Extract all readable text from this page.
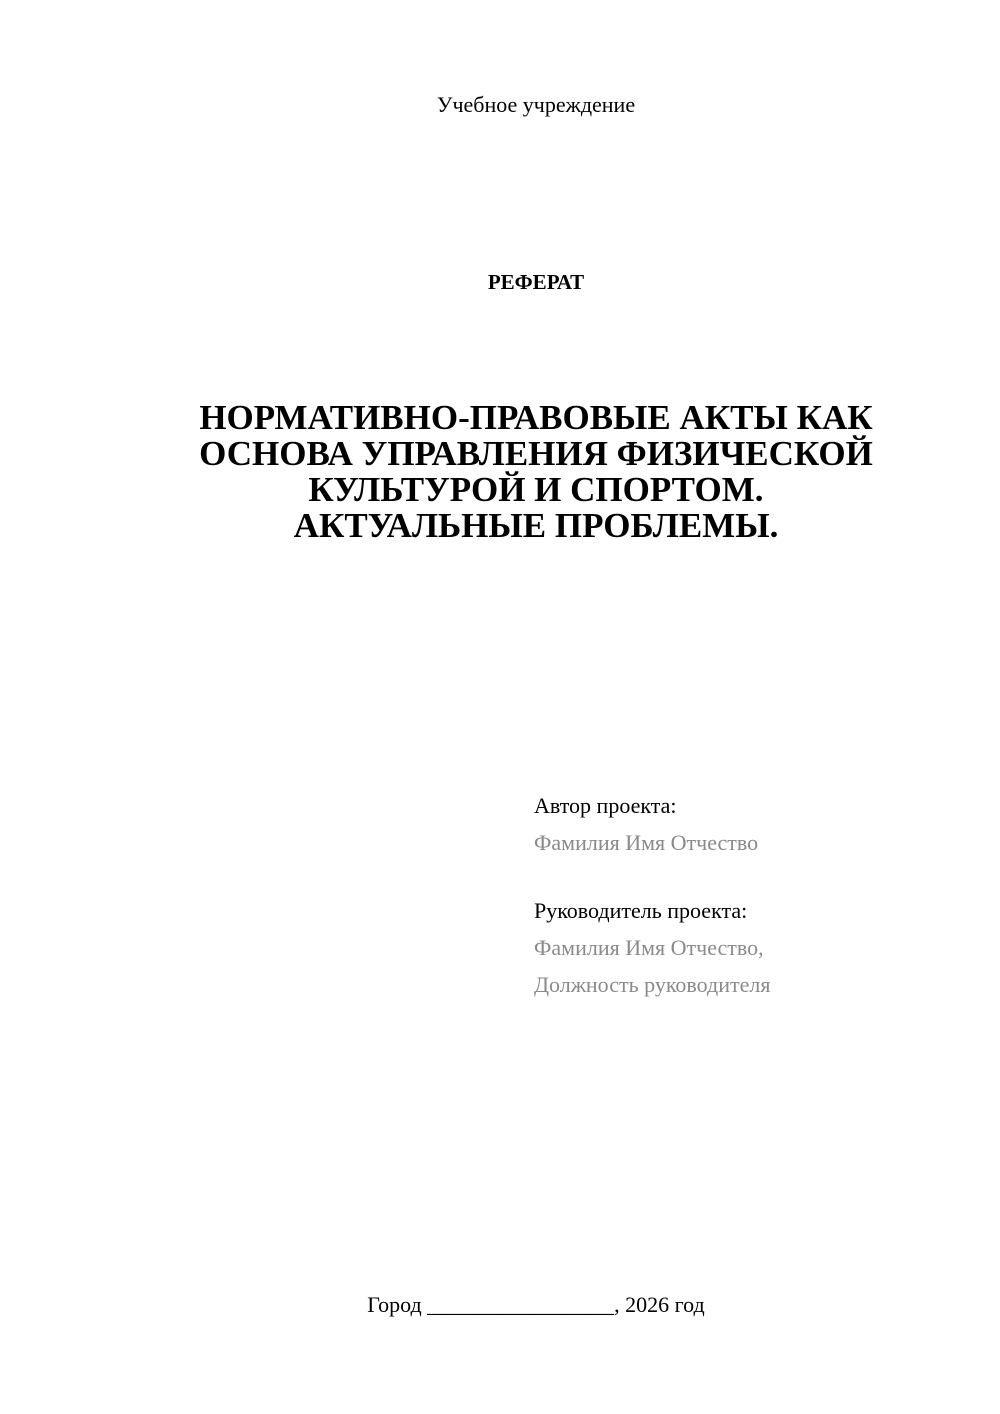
Учебное учреждение
РЕФЕРАТ
НОРМАТИВНО-ПРАВОВЫЕ АКТЫ КАК
ОСНОВА УПРАВЛЕНИЯ ФИЗИЧЕСКОЙ
КУЛЬТУРОЙ И СПОРТОМ.
АКТУАЛЬНЫЕ ПРОБЛЕМЫ.
Автор проекта:
Фамилия Имя Отчество
Руководитель проекта:
Фамилия Имя Отчество,
Должность руководителя
Город _________________, 2026 год
